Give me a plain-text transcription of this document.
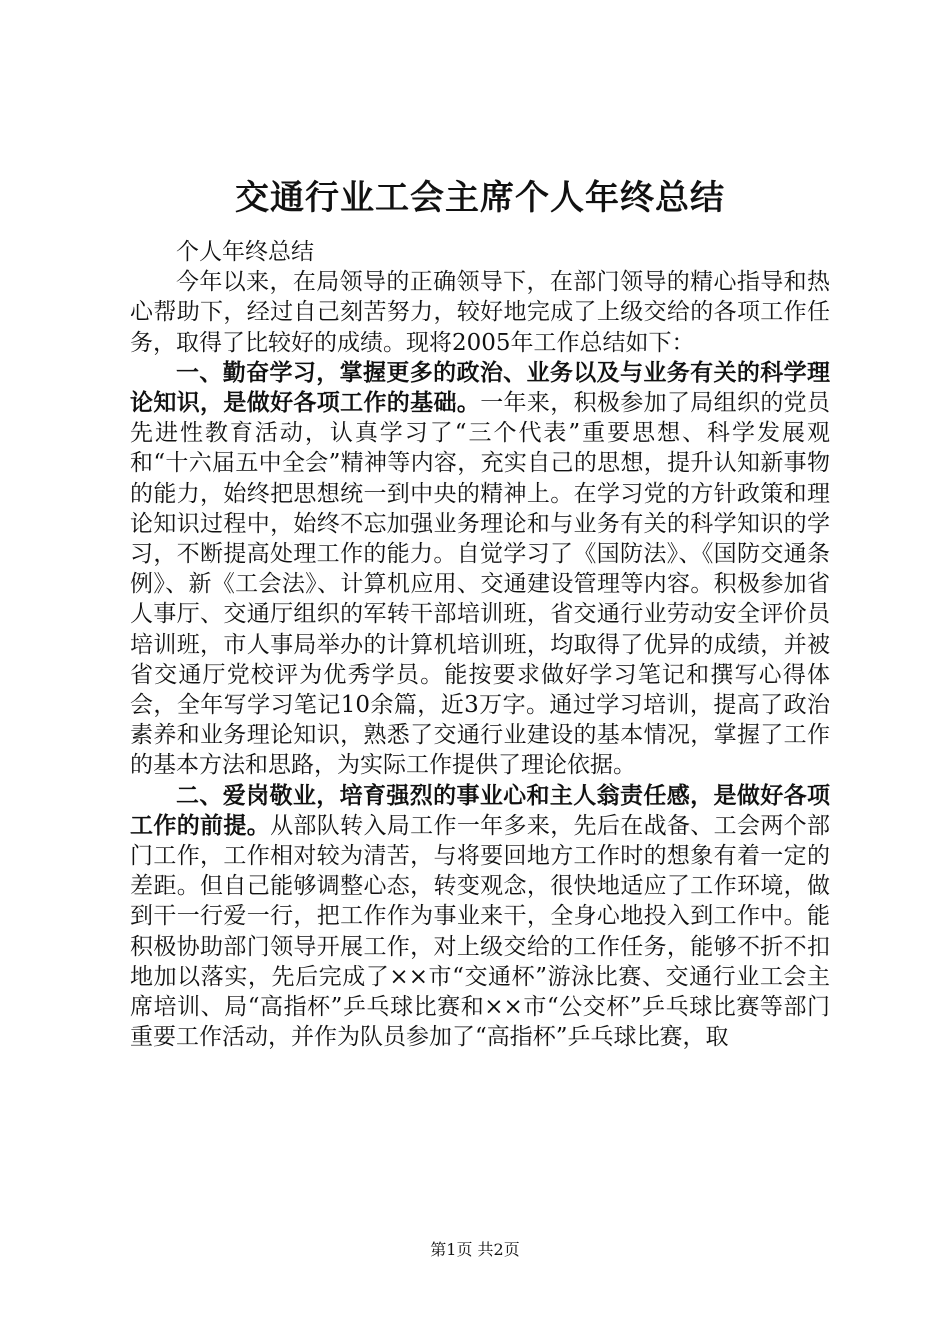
交通行业工会主席个人年终总结

个人年终总结

今年以来，在局领导的正确领导下，在部门领导的精心指导和热心帮助下，经过自己刻苦努力，较好地完成了上级交给的各项工作任务，取得了比较好的成绩。现将2005年工作总结如下：

一、勤奋学习，掌握更多的政治、业务以及与业务有关的科学理论知识，是做好各项工作的基础。一年来，积极参加了局组织的党员先进性教育活动，认真学习了“三个代表”重要思想、科学发展观和“十六届五中全会”精神等内容，充实自己的思想，提升认知新事物的能力，始终把思想统一到中央的精神上。在学习党的方针政策和理论知识过程中，始终不忘加强业务理论和与业务有关的科学知识的学习，不断提高处理工作的能力。自觉学习了《国防法》、《国防交通条例》、新《工会法》、计算机应用、交通建设管理等内容。积极参加省人事厅、交通厅组织的军转干部培训班，省交通行业劳动安全评价员培训班，市人事局举办的计算机培训班，均取得了优异的成绩，并被省交通厅党校评为优秀学员。能按要求做好学习笔记和撰写心得体会，全年写学习笔记10余篇，近3万字。通过学习培训，提高了政治素养和业务理论知识，熟悉了交通行业建设的基本情况，掌握了工作的基本方法和思路，为实际工作提供了理论依据。

二、爱岗敬业，培育强烈的事业心和主人翁责任感，是做好各项工作的前提。从部队转入局工作一年多来，先后在战备、工会两个部门工作，工作相对较为清苦，与将要回地方工作时的想象有着一定的差距。但自己能够调整心态，转变观念，很快地适应了工作环境，做到干一行爱一行，把工作作为事业来干，全身心地投入到工作中。能积极协助部门领导开展工作，对上级交给的工作任务，能够不折不扣地加以落实，先后完成了××市“交通杯”游泳比赛、交通行业工会主席培训、局“高指杯”乒乓球比赛和××市“公交杯”乒乓球比赛等部门重要工作活动，并作为队员参加了“高指杯”乒乓球比赛，取

第1页 共2页
